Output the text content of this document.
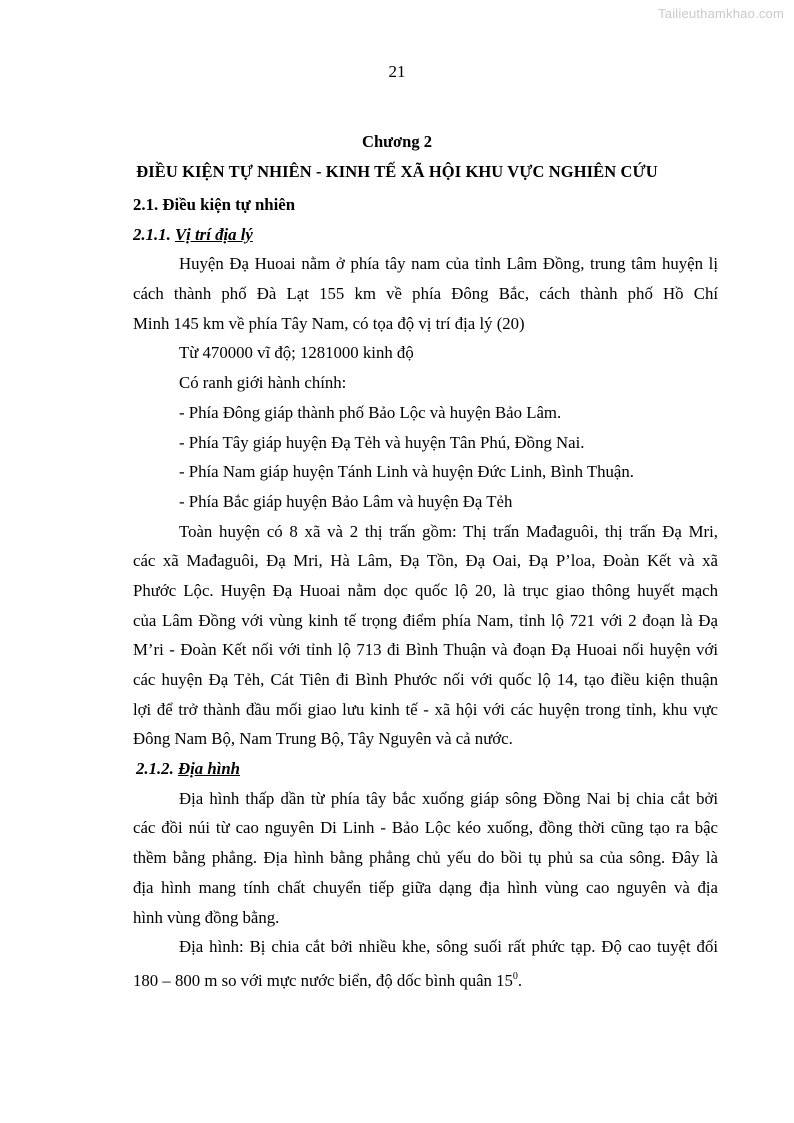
Tailieuthamkhao.com
21
Chương 2
ĐIỀU KIỆN TỰ NHIÊN - KINH TẾ XÃ HỘI KHU VỰC NGHIÊN CỨU
2.1. Điều kiện tự nhiên
2.1.1. Vị trí địa lý
Huyện Đạ Huoai nằm ở phía tây nam của tỉnh Lâm Đồng, trung tâm huyện lị
cách thành phố Đà Lạt 155 km về phía Đông Bắc, cách thành phố Hồ Chí
Minh 145 km về phía Tây Nam, có tọa độ vị trí địa lý (20)
Từ 470000 vĩ độ; 1281000 kinh độ
Có ranh giới hành chính:
- Phía Đông giáp thành phố Bảo Lộc và huyện Bảo Lâm.
- Phía Tây giáp huyện Đạ Tẻh và huyện Tân Phú, Đồng Nai.
- Phía Nam giáp huyện Tánh Linh và huyện Đức Linh, Bình Thuận.
- Phía Bắc giáp huyện Bảo Lâm và huyện Đạ Tẻh
Toàn huyện có 8 xã và 2 thị trấn gồm: Thị trấn Mađaguôi, thị trấn Đạ Mri,
các xã Mađaguôi, Đạ Mri, Hà Lâm, Đạ Tồn, Đạ Oai, Đạ P’loa, Đoàn Kết và xã
Phước Lộc. Huyện Đạ Huoai nằm dọc quốc lộ 20, là trục giao thông huyết mạch
của Lâm Đồng với vùng kinh tế trọng điểm phía Nam, tỉnh lộ 721 với 2 đoạn là Đạ
M’ri - Đoàn Kết nối với tỉnh lộ 713 đi Bình Thuận và đoạn Đạ Huoai nối huyện với
các huyện Đạ Tẻh, Cát Tiên đi Bình Phước nối với quốc lộ 14, tạo điều kiện thuận
lợi để trở thành đầu mối giao lưu kinh tế - xã hội với các huyện trong tỉnh, khu vực
Đông Nam Bộ, Nam Trung Bộ, Tây Nguyên và cả nước.
2.1.2. Địa hình
Địa hình thấp dần từ phía tây bắc xuống giáp sông Đồng Nai bị chia cắt bởi
các đồi núi từ cao nguyên Di Linh - Bảo Lộc kéo xuống, đồng thời cũng tạo ra bậc
thềm bằng phẳng. Địa hình bằng phẳng chủ yếu do bồi tụ phủ sa của sông. Đây là
địa hình mang tính chất chuyển tiếp giữa dạng địa hình vùng cao nguyên và địa
hình vùng đồng bằng.
Địa hình: Bị chia cắt bởi nhiều khe, sông suối rất phức tạp. Độ cao tuyệt đối
180 – 800 m so với mực nước biển, độ dốc bình quân $15^0$.
